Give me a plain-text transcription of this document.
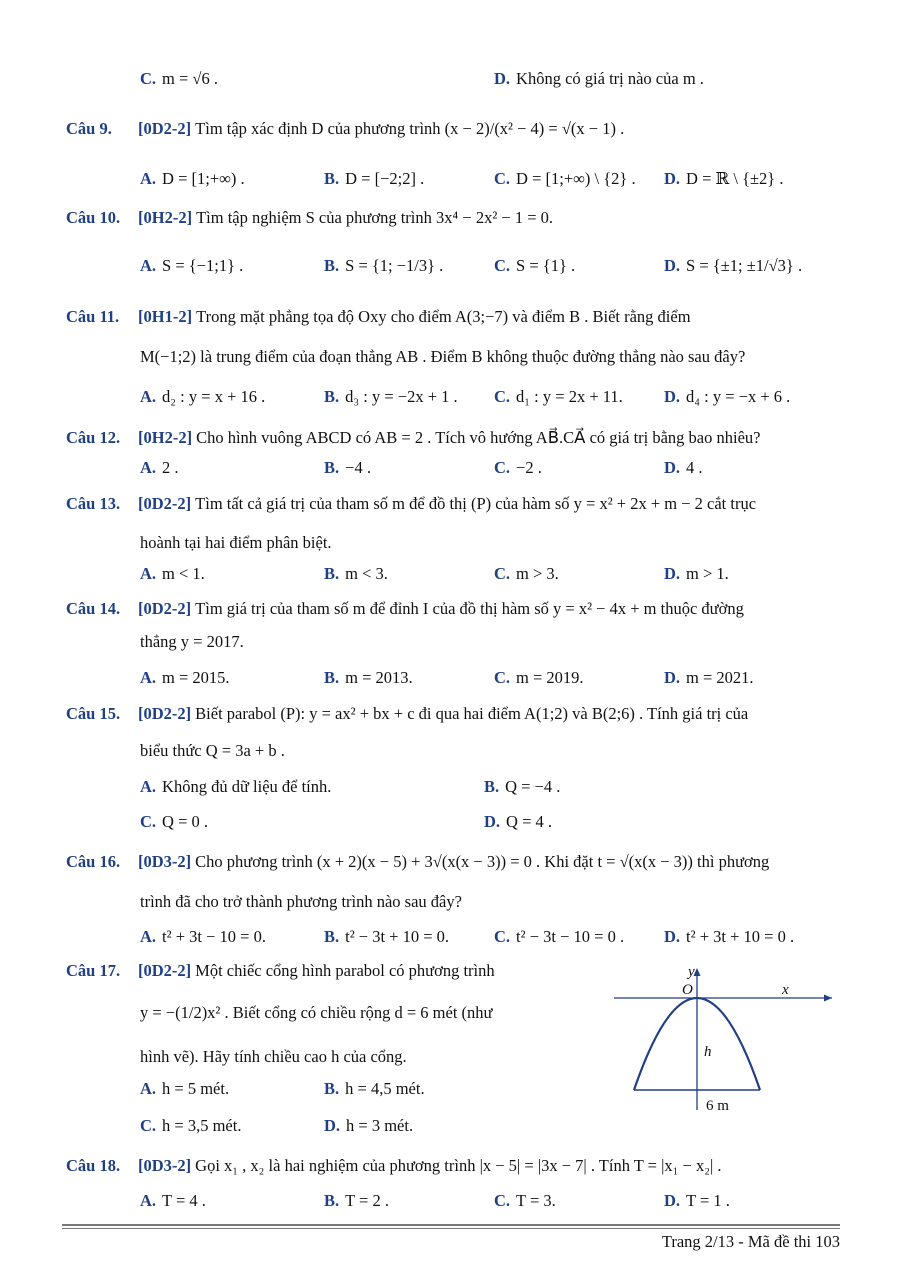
C. m = √6 .	D. Không có giá trị nào của m .
Câu 9. [0D2-2] Tìm tập xác định D của phương trình (x − 2)/(x² − 4) = √(x − 1) .
A. D = [1;+∞) .	B. D = [−2;2] .	C. D = [1;+∞) \ {2} . D. D = ℝ \ {±2} .
Câu 10. [0H2-2] Tìm tập nghiệm S của phương trình 3x⁴ − 2x² − 1 = 0.
A. S = {−1;1} .	B. S = {1; −1/3} .	C. S = {1} .	D. S = {±1; ±1/√3} .
Câu 11. [0H1-2] Trong mặt phẳng tọa độ Oxy cho điểm A(3;−7) và điểm B . Biết rằng điểm
M(−1;2) là trung điểm của đoạn thẳng AB . Điểm B không thuộc đường thẳng nào sau đây?
A. d₂ : y = x + 16 .	B. d₃ : y = −2x + 1 . C. d₁ : y = 2x + 11. D. d₄ : y = −x + 6 .
Câu 12. [0H2-2] Cho hình vuông ABCD có AB = 2 . Tích vô hướng AB⃗.CA⃗ có giá trị bằng bao nhiêu?
A. 2 .	B. −4 .	C. −2 .	D. 4 .
Câu 13. [0D2-2] Tìm tất cả giá trị của tham số m để đồ thị (P) của hàm số y = x² + 2x + m − 2 cắt trục
hoành tại hai điểm phân biệt.
A. m < 1.	B. m < 3.	C. m > 3.	D. m > 1.
Câu 14. [0D2-2] Tìm giá trị của tham số m để đỉnh I của đồ thị hàm số y = x² − 4x + m thuộc đường
thẳng y = 2017.
A. m = 2015.	B. m = 2013.	C. m = 2019.	D. m = 2021.
Câu 15. [0D2-2] Biết parabol (P): y = ax² + bx + c đi qua hai điểm A(1;2) và B(2;6) . Tính giá trị của
biểu thức Q = 3a + b .
A. Không đủ dữ liệu để tính.	B. Q = −4 .
C. Q = 0 .	D. Q = 4 .
Câu 16. [0D3-2] Cho phương trình (x + 2)(x − 5) + 3√(x(x − 3)) = 0 . Khi đặt t = √(x(x − 3)) thì phương
trình đã cho trở thành phương trình nào sau đây?
A. t² + 3t − 10 = 0.	B. t² − 3t + 10 = 0.	C. t² − 3t − 10 = 0 . D. t² + 3t + 10 = 0 .
Câu 17. [0D2-2] Một chiếc cổng hình parabol có phương trình
y = −(1/2)x² . Biết cổng có chiều rộng d = 6 mét (như
hình vẽ). Hãy tính chiều cao h của cổng.
A. h = 5 mét.	B. h = 4,5 mét.
C. h = 3,5 mét.	D. h = 3 mét.
y
O	x
h
6 m
Câu 18. [0D3-2] Gọi x₁ , x₂ là hai nghiệm của phương trình |x − 5| = |3x − 7| . Tính T = |x₁ − x₂| .
A. T = 4 .	B. T = 2 .	C. T = 3.	D. T = 1 .
Trang 2/13 - Mã đề thi 103
